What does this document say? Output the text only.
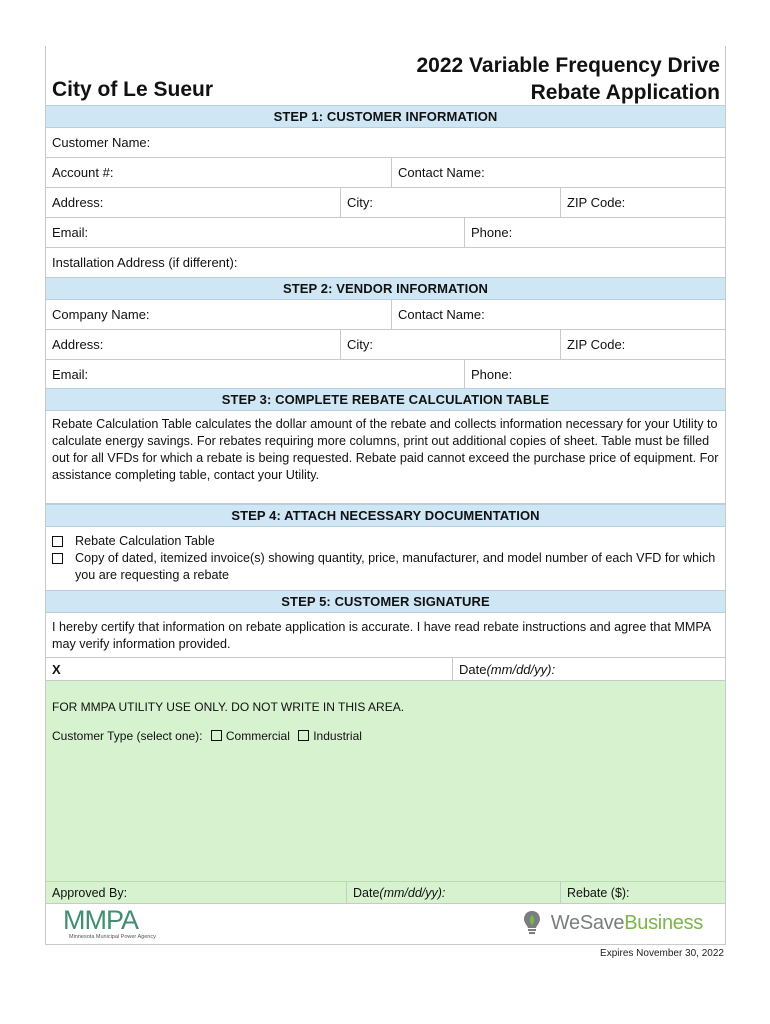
City of Le Sueur
2022 Variable Frequency Drive
Rebate Application
STEP 1: CUSTOMER INFORMATION
Customer Name:
Account #:	Contact Name:
Address:	City:	ZIP Code:
Email:	Phone:
Installation Address (if different):
STEP 2: VENDOR INFORMATION
Company Name:	Contact Name:
Address:	City:	ZIP Code:
Email:	Phone:
STEP 3: COMPLETE REBATE CALCULATION TABLE
Rebate Calculation Table calculates the dollar amount of the rebate and collects information necessary for your Utility to calculate energy savings. For rebates requiring more columns, print out additional copies of sheet. Table must be filled out for all VFDs for which a rebate is being requested. Rebate paid cannot exceed the purchase price of equipment. For assistance completing table, contact your Utility.
STEP 4: ATTACH NECESSARY DOCUMENTATION
Rebate Calculation Table
Copy of dated, itemized invoice(s) showing quantity, price, manufacturer, and model number of each VFD for which you are requesting a rebate
STEP 5: CUSTOMER SIGNATURE
I hereby certify that information on rebate application is accurate. I have read rebate instructions and agree that MMPA may verify information provided.
X	Date (mm/dd/yy):
FOR MMPA UTILITY USE ONLY. DO NOT WRITE IN THIS AREA.
Customer Type (select one): Commercial Industrial
Approved By:	Date (mm/dd/yy):	Rebate ($):
MMPA
Minnesota Municipal Power Agency
WeSave Business
Expires November 30, 2022
